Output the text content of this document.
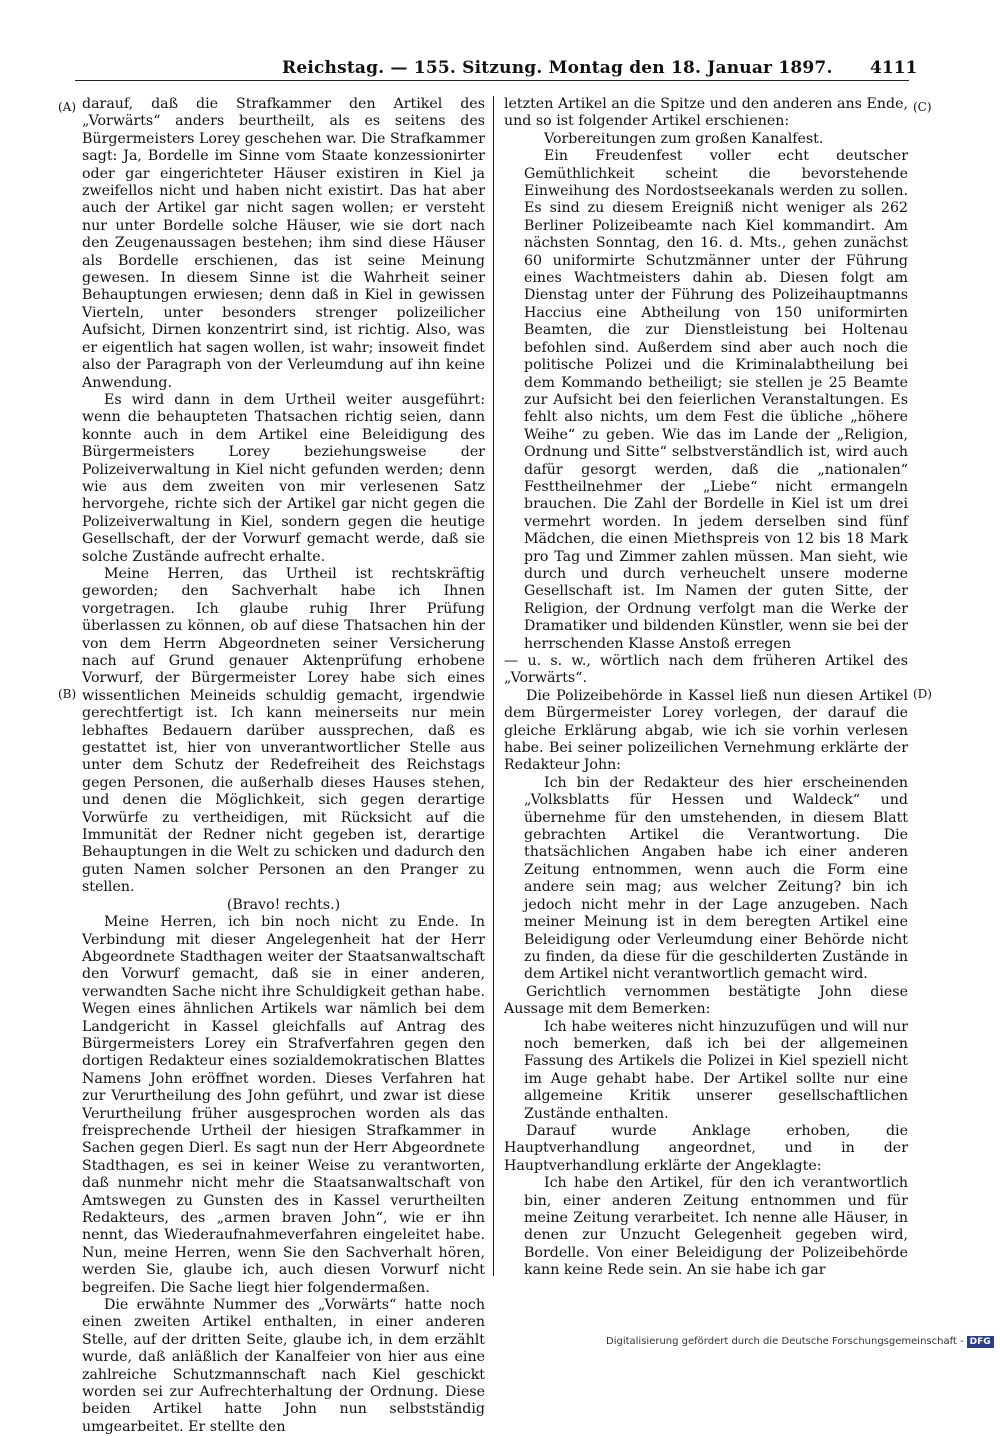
Reichstag. — 155. Sitzung. Montag den 18. Januar 1897. 4111
(A)
(B)
(C)
(D)

darauf, daß die Strafkammer den Artikel des „Vorwärts“ anders beurtheilt, als es seitens des Bürgermeisters Lorey geschehen war. Die Strafkammer sagt: Ja, Bordelle im Sinne vom Staate konzessionirter oder gar eingerichteter Häuser existiren in Kiel ja zweifellos nicht und haben nicht existirt. Das hat aber auch der Artikel gar nicht sagen wollen; er versteht nur unter Bordelle solche Häuser, wie sie dort nach den Zeugenaussagen bestehen; ihm sind diese Häuser als Bordelle erschienen, das ist seine Meinung gewesen. In diesem Sinne ist die Wahrheit seiner Behauptungen erwiesen; denn daß in Kiel in gewissen Vierteln, unter besonders strenger polizeilicher Aufsicht, Dirnen konzentrirt sind, ist richtig. Also, was er eigentlich hat sagen wollen, ist wahr; insoweit findet also der Paragraph von der Verleumdung auf ihn keine Anwendung.

Es wird dann in dem Urtheil weiter ausgeführt: wenn die behaupteten Thatsachen richtig seien, dann konnte auch in dem Artikel eine Beleidigung des Bürgermeisters Lorey beziehungsweise der Polizeiverwaltung in Kiel nicht gefunden werden; denn wie aus dem zweiten von mir verlesenen Satz hervorgehe, richte sich der Artikel gar nicht gegen die Polizeiverwaltung in Kiel, sondern gegen die heutige Gesellschaft, der der Vorwurf gemacht werde, daß sie solche Zustände aufrecht erhalte.

Meine Herren, das Urtheil ist rechtskräftig geworden; den Sachverhalt habe ich Ihnen vorgetragen. Ich glaube ruhig Ihrer Prüfung überlassen zu können, ob auf diese Thatsachen hin der von dem Herrn Abgeordneten seiner Versicherung nach auf Grund genauer Aktenprüfung erhobene Vorwurf, der Bürgermeister Lorey habe sich eines wissentlichen Meineids schuldig gemacht, irgendwie gerechtfertigt ist. Ich kann meinerseits nur mein lebhaftes Bedauern darüber aussprechen, daß es gestattet ist, hier von unverantwortlicher Stelle aus unter dem Schutz der Redefreiheit des Reichstags gegen Personen, die außerhalb dieses Hauses stehen, und denen die Möglichkeit, sich gegen derartige Vorwürfe zu vertheidigen, mit Rücksicht auf die Immunität der Redner nicht gegeben ist, derartige Behauptungen in die Welt zu schicken und dadurch den guten Namen solcher Personen an den Pranger zu stellen.

(Bravo! rechts.)

Meine Herren, ich bin noch nicht zu Ende. In Verbindung mit dieser Angelegenheit hat der Herr Abgeordnete Stadthagen weiter der Staatsanwaltschaft den Vorwurf gemacht, daß sie in einer anderen, verwandten Sache nicht ihre Schuldigkeit gethan habe. Wegen eines ähnlichen Artikels war nämlich bei dem Landgericht in Kassel gleichfalls auf Antrag des Bürgermeisters Lorey ein Strafverfahren gegen den dortigen Redakteur eines sozialdemokratischen Blattes Namens John eröffnet worden. Dieses Verfahren hat zur Verurtheilung des John geführt, und zwar ist diese Verurtheilung früher ausgesprochen worden als das freisprechende Urtheil der hiesigen Strafkammer in Sachen gegen Dierl. Es sagt nun der Herr Abgeordnete Stadthagen, es sei in keiner Weise zu verantworten, daß nunmehr nicht mehr die Staatsanwaltschaft von Amtswegen zu Gunsten des in Kassel verurtheilten Redakteurs, des „armen braven John“, wie er ihn nennt, das Wiederaufnahmeverfahren eingeleitet habe. Nun, meine Herren, wenn Sie den Sachverhalt hören, werden Sie, glaube ich, auch diesen Vorwurf nicht begreifen. Die Sache liegt hier folgendermaßen.

Die erwähnte Nummer des „Vorwärts“ hatte noch einen zweiten Artikel enthalten, in einer anderen Stelle, auf der dritten Seite, glaube ich, in dem erzählt wurde, daß anläßlich der Kanalfeier von hier aus eine zahlreiche Schutzmannschaft nach Kiel geschickt worden sei zur Aufrechterhaltung der Ordnung. Diese beiden Artikel hatte John nun selbstständig umgearbeitet. Er stellte den

letzten Artikel an die Spitze und den anderen ans Ende, und so ist folgender Artikel erschienen:

Vorbereitungen zum großen Kanalfest.

Ein Freudenfest voller echt deutscher Gemüthlichkeit scheint die bevorstehende Einweihung des Nordostseekanals werden zu sollen. Es sind zu diesem Ereigniß nicht weniger als 262 Berliner Polizeibeamte nach Kiel kommandirt. Am nächsten Sonntag, den 16. d. Mts., gehen zunächst 60 uniformirte Schutzmänner unter der Führung eines Wachtmeisters dahin ab. Diesen folgt am Dienstag unter der Führung des Polizeihauptmanns Haccius eine Abtheilung von 150 uniformirten Beamten, die zur Dienstleistung bei Holtenau befohlen sind. Außerdem sind aber auch noch die politische Polizei und die Kriminalabtheilung bei dem Kommando betheiligt; sie stellen je 25 Beamte zur Aufsicht bei den feierlichen Veranstaltungen. Es fehlt also nichts, um dem Fest die übliche „höhere Weihe“ zu geben. Wie das im Lande der „Religion, Ordnung und Sitte“ selbstverständlich ist, wird auch dafür gesorgt werden, daß die „nationalen“ Festtheilnehmer der „Liebe“ nicht ermangeln brauchen. Die Zahl der Bordelle in Kiel ist um drei vermehrt worden. In jedem derselben sind fünf Mädchen, die einen Miethspreis von 12 bis 18 Mark pro Tag und Zimmer zahlen müssen. Man sieht, wie durch und durch verheuchelt unsere moderne Gesellschaft ist. Im Namen der guten Sitte, der Religion, der Ordnung verfolgt man die Werke der Dramatiker und bildenden Künstler, wenn sie bei der herrschenden Klasse Anstoß erregen

— u. s. w., wörtlich nach dem früheren Artikel des „Vorwärts“.

Die Polizeibehörde in Kassel ließ nun diesen Artikel dem Bürgermeister Lorey vorlegen, der darauf die gleiche Erklärung abgab, wie ich sie vorhin verlesen habe. Bei seiner polizeilichen Vernehmung erklärte der Redakteur John:

Ich bin der Redakteur des hier erscheinenden „Volksblatts für Hessen und Waldeck“ und übernehme für den umstehenden, in diesem Blatt gebrachten Artikel die Verantwortung. Die thatsächlichen Angaben habe ich einer anderen Zeitung entnommen, wenn auch die Form eine andere sein mag; aus welcher Zeitung? bin ich jedoch nicht mehr in der Lage anzugeben. Nach meiner Meinung ist in dem beregten Artikel eine Beleidigung oder Verleumdung einer Behörde nicht zu finden, da diese für die geschilderten Zustände in dem Artikel nicht verantwortlich gemacht wird.

Gerichtlich vernommen bestätigte John diese Aussage mit dem Bemerken:

Ich habe weiteres nicht hinzuzufügen und will nur noch bemerken, daß ich bei der allgemeinen Fassung des Artikels die Polizei in Kiel speziell nicht im Auge gehabt habe. Der Artikel sollte nur eine allgemeine Kritik unserer gesellschaftlichen Zustände enthalten.

Darauf wurde Anklage erhoben, die Hauptverhandlung angeordnet, und in der Hauptverhandlung erklärte der Angeklagte:

Ich habe den Artikel, für den ich verantwortlich bin, einer anderen Zeitung entnommen und für meine Zeitung verarbeitet. Ich nenne alle Häuser, in denen zur Unzucht Gelegenheit gegeben wird, Bordelle. Von einer Beleidigung der Polizeibehörde kann keine Rede sein. An sie habe ich gar

Digitalisierung gefördert durch die Deutsche Forschungsgemeinschaft - DFG
